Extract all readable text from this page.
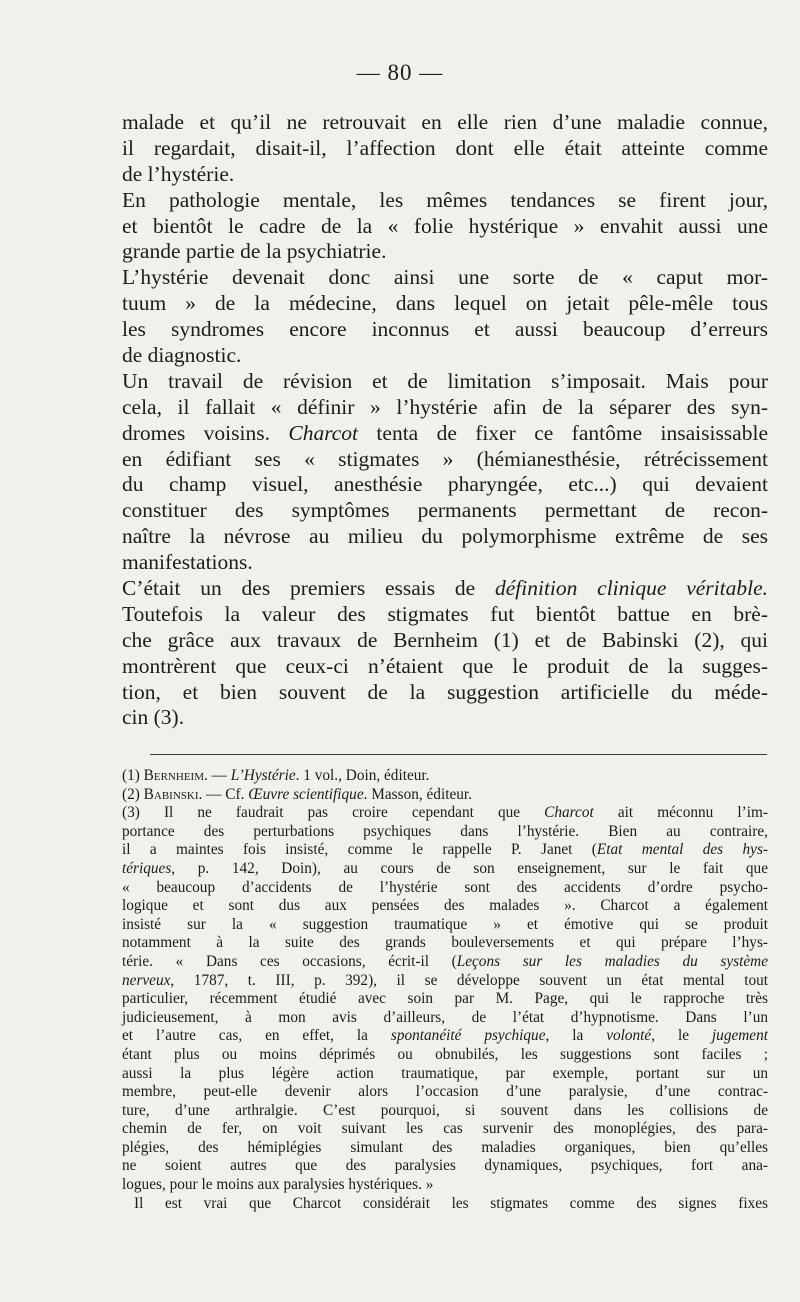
— 80 —
malade et qu’il ne retrouvait en elle rien d’une maladie connue,
il regardait, disait-il, l’affection dont elle était atteinte comme
de l’hystérie.
En pathologie mentale, les mêmes tendances se firent jour,
et bientôt le cadre de la « folie hystérique » envahit aussi une
grande partie de la psychiatrie.
L’hystérie devenait donc ainsi une sorte de « caput mor-
tuum » de la médecine, dans lequel on jetait pêle-mêle tous
les syndromes encore inconnus et aussi beaucoup d’erreurs
de diagnostic.
Un travail de révision et de limitation s’imposait. Mais pour
cela, il fallait « définir » l’hystérie afin de la séparer des syn-
dromes voisins. Charcot tenta de fixer ce fantôme insaisissable
en édifiant ses « stigmates » (hémianesthésie, rétrécissement
du champ visuel, anesthésie pharyngée, etc...) qui devaient
constituer des symptômes permanents permettant de recon-
naître la névrose au milieu du polymorphisme extrême de ses
manifestations.
C’était un des premiers essais de définition clinique véritable.
Toutefois la valeur des stigmates fut bientôt battue en brè-
che grâce aux travaux de Bernheim (1) et de Babinski (2), qui
montrèrent que ceux-ci n’étaient que le produit de la sugges-
tion, et bien souvent de la suggestion artificielle du méde-
cin (3).
(1) Bernheim. — L’Hystérie. 1 vol., Doin, éditeur.
(2) Babinski. — Cf. Œuvre scientifique. Masson, éditeur.
(3) Il ne faudrait pas croire cependant que Charcot ait méconnu l’im-
portance des perturbations psychiques dans l’hystérie. Bien au contraire,
il a maintes fois insisté, comme le rappelle P. Janet (Etat mental des hys-
tériques, p. 142, Doin), au cours de son enseignement, sur le fait que
« beaucoup d’accidents de l’hystérie sont des accidents d’ordre psycho-
logique et sont dus aux pensées des malades ». Charcot a également
insisté sur la « suggestion traumatique » et émotive qui se produit
notamment à la suite des grands bouleversements et qui prépare l’hys-
térie. « Dans ces occasions, écrit-il (Leçons sur les maladies du système
nerveux, 1787, t. III, p. 392), il se développe souvent un état mental tout
particulier, récemment étudié avec soin par M. Page, qui le rapproche très
judicieusement, à mon avis d’ailleurs, de l’état d’hypnotisme. Dans l’un
et l’autre cas, en effet, la spontanéité psychique, la volonté, le jugement
étant plus ou moins déprimés ou obnubilés, les suggestions sont faciles ;
aussi la plus légère action traumatique, par exemple, portant sur un
membre, peut-elle devenir alors l’occasion d’une paralysie, d’une contrac-
ture, d’une arthralgie. C’est pourquoi, si souvent dans les collisions de
chemin de fer, on voit suivant les cas survenir des monoplégies, des para-
plégies, des hémiplégies simulant des maladies organiques, bien qu’elles
ne soient autres que des paralysies dynamiques, psychiques, fort ana-
logues, pour le moins aux paralysies hystériques. »
Il est vrai que Charcot considérait les stigmates comme des signes fixes
